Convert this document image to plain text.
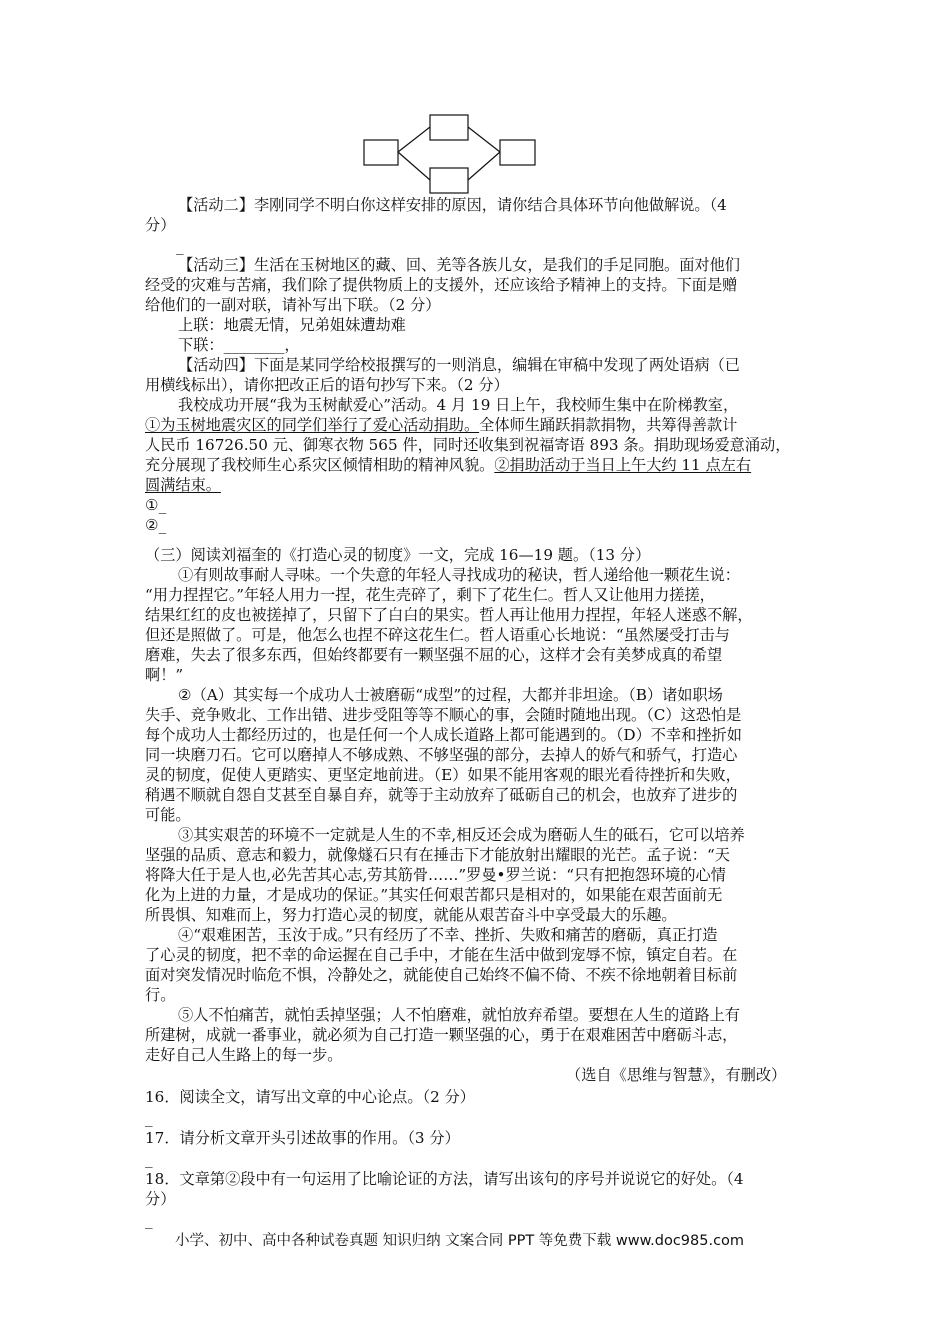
【活动二】李刚同学不明白你这样安排的原因，请你结合具体环节向他做解说。（4
分）
_
【活动三】生活在玉树地区的藏、回、羌等各族儿女，是我们的手足同胞。面对他们
经受的灾难与苦痛，我们除了提供物质上的支援外，还应该给予精神上的支持。下面是赠
给他们的一副对联，请补写出下联。（2 分）
上联：地震无情，兄弟姐妹遭劫难
下联：________，
【活动四】下面是某同学给校报撰写的一则消息，编辑在审稿中发现了两处语病（已
用横线标出），请你把改正后的语句抄写下来。（2 分）
我校成功开展“我为玉树献爱心”活动。4 月 19 日上午，我校师生集中在阶梯教室，
①为玉树地震灾区的同学们举行了爱心活动捐助。全体师生踊跃捐款捐物，共筹得善款计
人民币 16726.50 元、御寒衣物 565 件，同时还收集到祝福寄语 893 条。捐助现场爱意涌动，
充分展现了我校师生心系灾区倾情相助的精神风貌。②捐助活动于当日上午大约 11 点左右
圆满结束。
①_
②_
（三）阅读刘福奎的《打造心灵的韧度》一文，完成 16—19 题。（13 分）
①有则故事耐人寻味。一个失意的年轻人寻找成功的秘诀，哲人递给他一颗花生说：
“用力捏捏它。”年轻人用力一捏，花生壳碎了，剩下了花生仁。哲人又让他用力搓搓，
结果红红的皮也被搓掉了，只留下了白白的果实。哲人再让他用力捏捏，年轻人迷惑不解，
但还是照做了。可是，他怎么也捏不碎这花生仁。哲人语重心长地说：“虽然屡受打击与
磨难，失去了很多东西，但始终都要有一颗坚强不屈的心，这样才会有美梦成真的希望
啊！”
②（A）其实每一个成功人士被磨砺“成型”的过程，大都并非坦途。（B）诸如职场
失手、竞争败北、工作出错、进步受阻等等不顺心的事，会随时随地出现。（C）这恐怕是
每个成功人士都经历过的，也是任何一个人成长道路上都可能遇到的。（D）不幸和挫折如
同一块磨刀石。它可以磨掉人不够成熟、不够坚强的部分，去掉人的娇气和骄气，打造心
灵的韧度，促使人更踏实、更坚定地前进。（E）如果不能用客观的眼光看待挫折和失败，
稍遇不顺就自怨自艾甚至自暴自弃，就等于主动放弃了砥砺自己的机会，也放弃了进步的
可能。
③其实艰苦的环境不一定就是人生的不幸,相反还会成为磨砺人生的砥石，它可以培养
坚强的品质、意志和毅力，就像燧石只有在捶击下才能放射出耀眼的光芒。孟子说：“天
将降大任于是人也,必先苦其心志,劳其筋骨……”罗曼•罗兰说：“只有把抱怨环境的心情
化为上进的力量，才是成功的保证。”其实任何艰苦都只是相对的，如果能在艰苦面前无
所畏惧、知难而上，努力打造心灵的韧度，就能从艰苦奋斗中享受最大的乐趣。
④“艰难困苦，玉汝于成。”只有经历了不幸、挫折、失败和痛苦的磨砺，真正打造
了心灵的韧度，把不幸的命运握在自己手中，才能在生活中做到宠辱不惊，镇定自若。在
面对突发情况时临危不惧，冷静处之，就能使自己始终不偏不倚、不疾不徐地朝着目标前
行。
⑤人不怕痛苦，就怕丢掉坚强；人不怕磨难，就怕放弃希望。要想在人生的道路上有
所建树，成就一番事业，就必须为自己打造一颗坚强的心，勇于在艰难困苦中磨砺斗志，
走好自己人生路上的每一步。
（选自《思维与智慧》，有删改）
16．阅读全文，请写出文章的中心论点。（2 分）
_
17．请分析文章开头引述故事的作用。（3 分）
_
18．文章第②段中有一句运用了比喻论证的方法，请写出该句的序号并说说它的好处。（4
分）
_
小学、初中、高中各种试卷真题 知识归纳 文案合同 PPT 等免费下载 www.doc985.com
